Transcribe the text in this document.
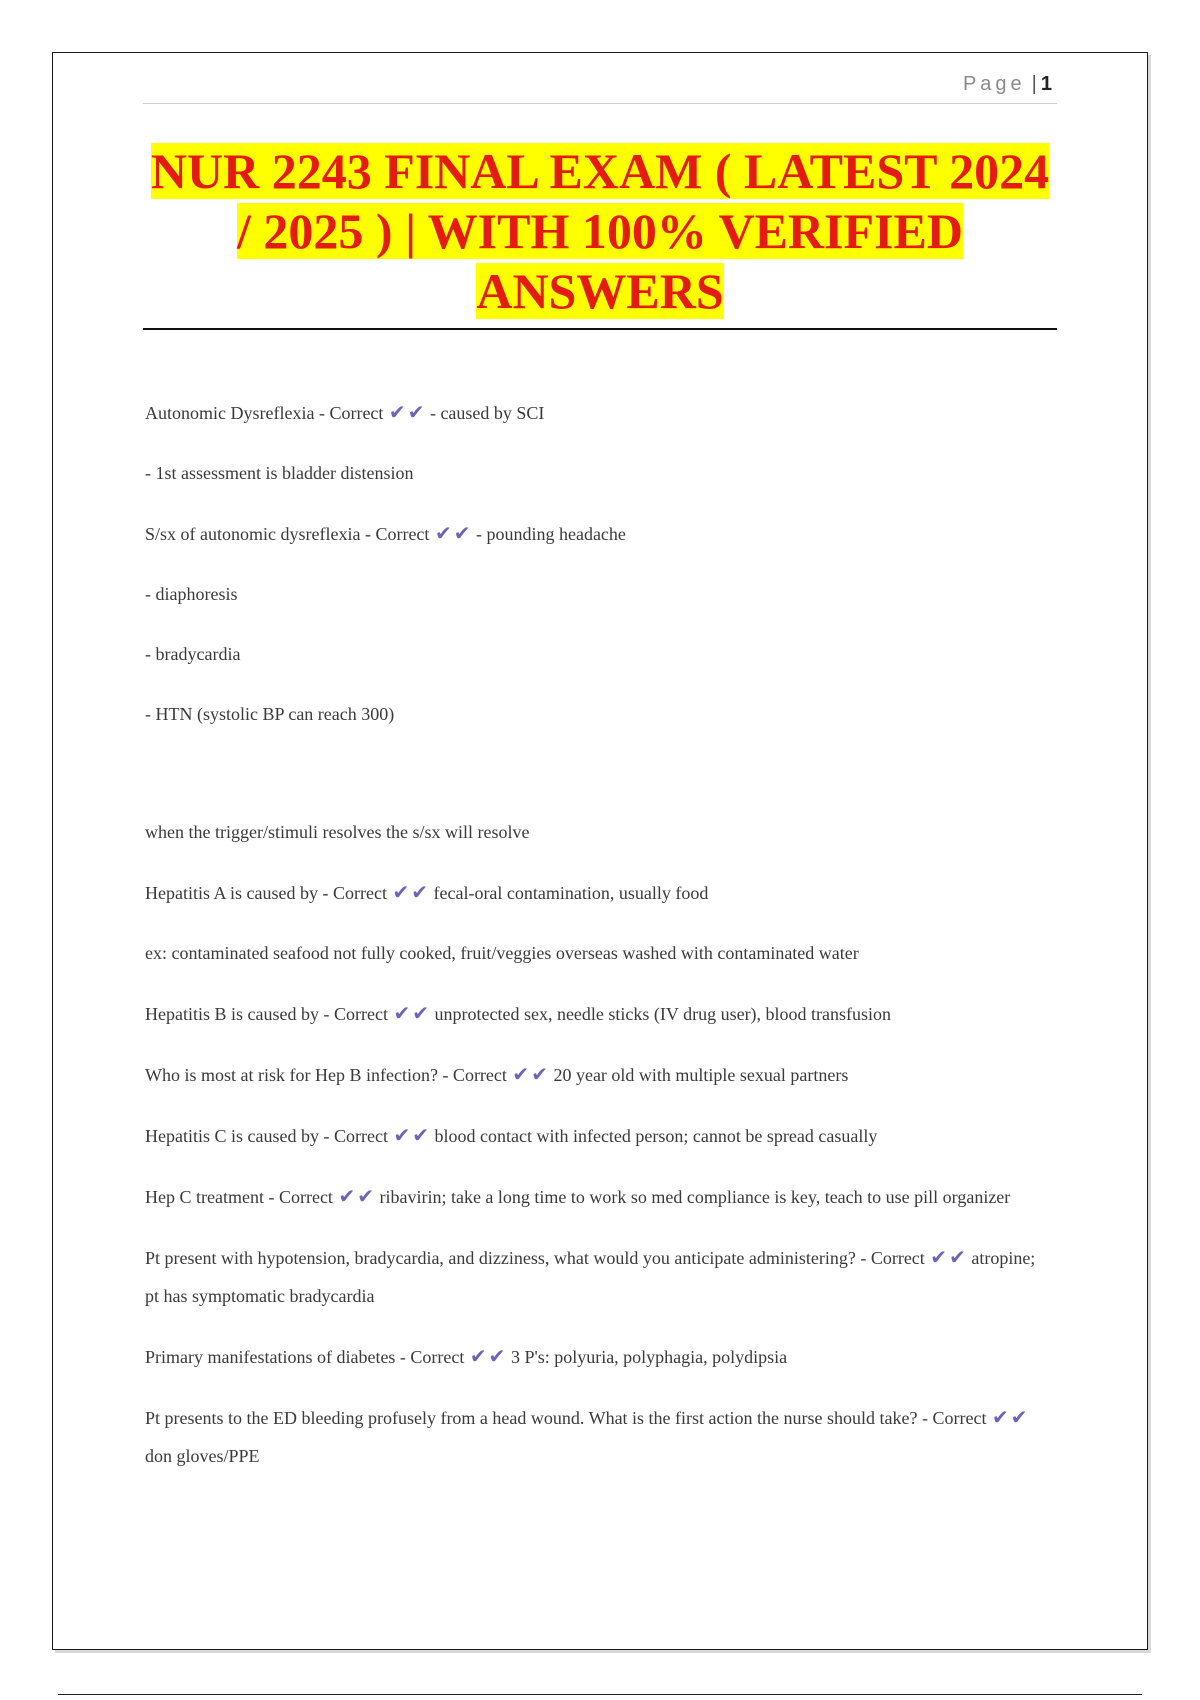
Page | 1
NUR 2243 FINAL EXAM ( LATEST 2024 / 2025 ) | WITH 100% VERIFIED ANSWERS
Autonomic Dysreflexia - Correct ✔ ✔ - caused by SCI
- 1st assessment is bladder distension
S/sx of autonomic dysreflexia - Correct ✔ ✔ - pounding headache
- diaphoresis
- bradycardia
- HTN (systolic BP can reach 300)
when the trigger/stimuli resolves the s/sx will resolve
Hepatitis A is caused by - Correct ✔ ✔ fecal-oral contamination, usually food
ex: contaminated seafood not fully cooked, fruit/veggies overseas washed with contaminated water
Hepatitis B is caused by - Correct ✔ ✔ unprotected sex, needle sticks (IV drug user), blood transfusion
Who is most at risk for Hep B infection? - Correct ✔ ✔ 20 year old with multiple sexual partners
Hepatitis C is caused by - Correct ✔ ✔ blood contact with infected person; cannot be spread casually
Hep C treatment - Correct ✔ ✔ ribavirin; take a long time to work so med compliance is key, teach to use pill organizer
Pt present with hypotension, bradycardia, and dizziness, what would you anticipate administering? - Correct ✔ ✔ atropine; pt has symptomatic bradycardia
Primary manifestations of diabetes - Correct ✔ ✔ 3 P's: polyuria, polyphagia, polydipsia
Pt presents to the ED bleeding profusely from a head wound. What is the first action the nurse should take? - Correct ✔ ✔ don gloves/PPE
